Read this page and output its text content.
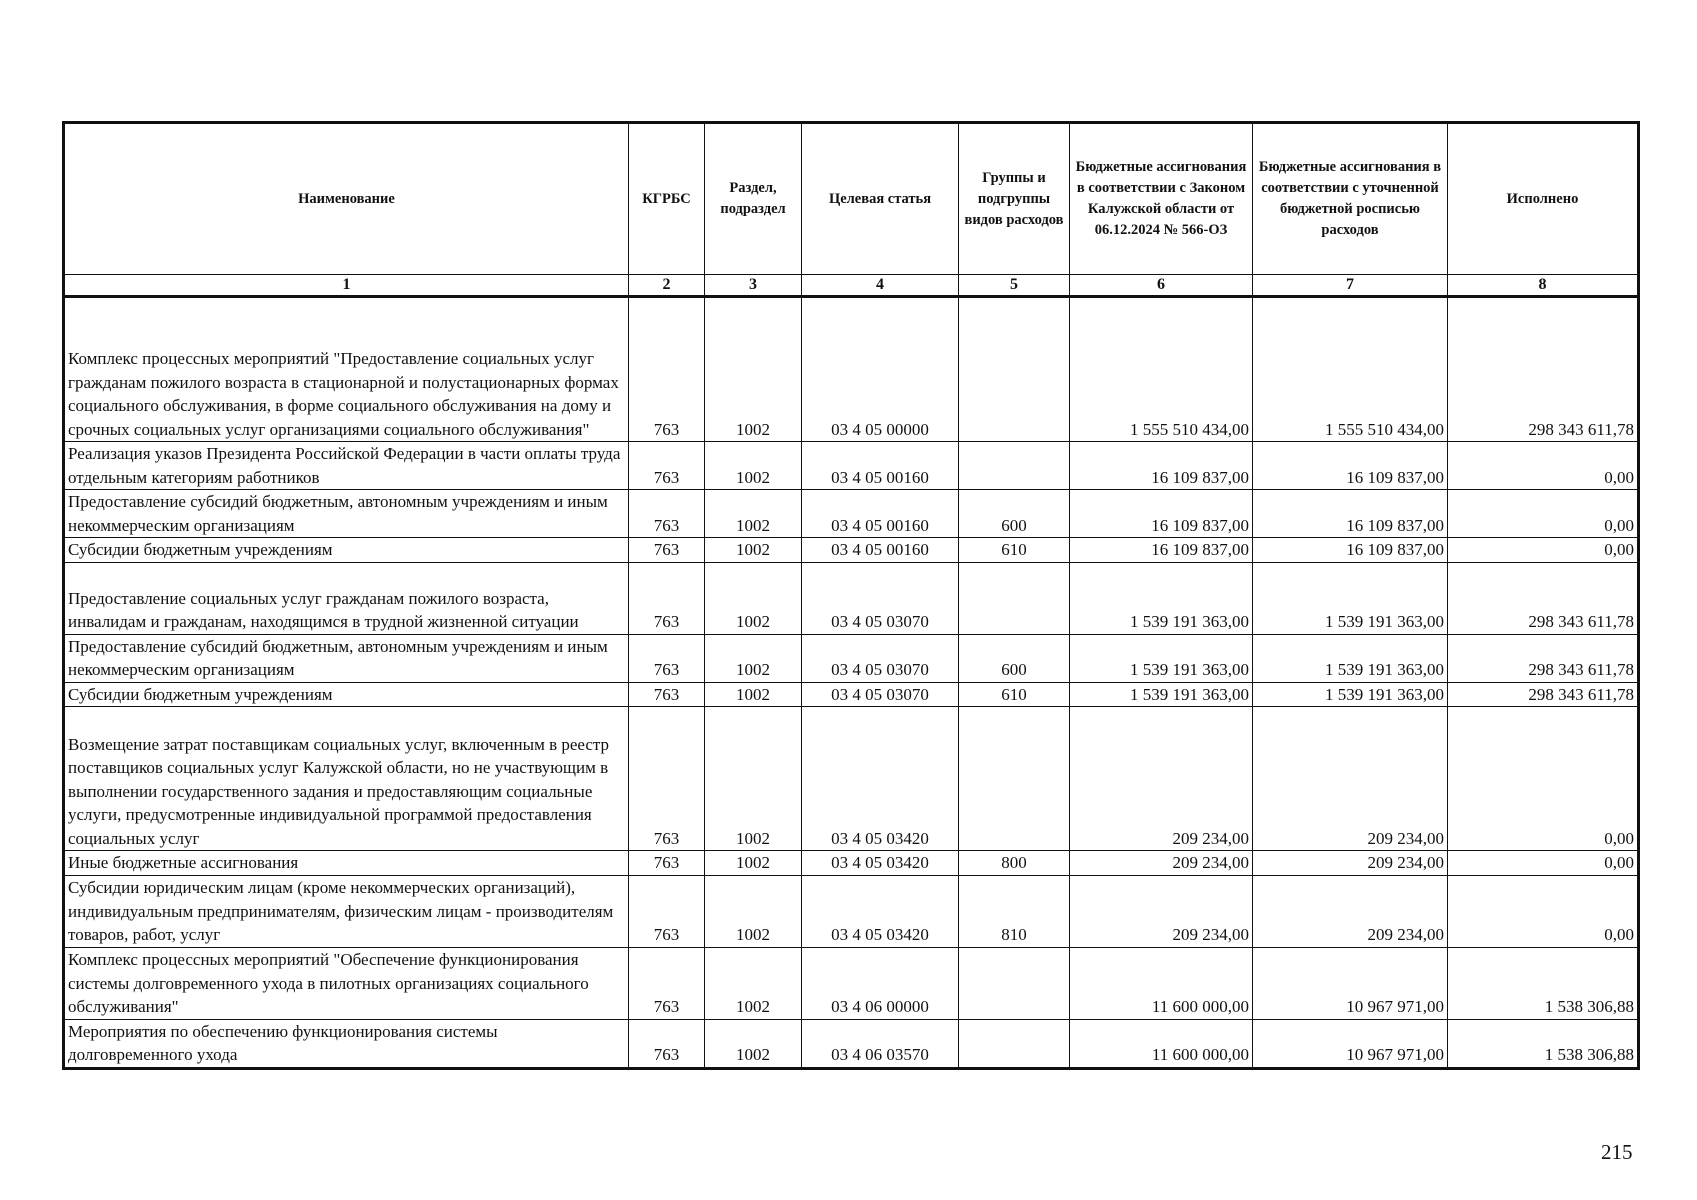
Наименование	КГРБС	Раздел, подраздел	Целевая статья	Группы и подгруппы видов расходов	Бюджетные ассигнования в соответствии с Законом Калужской области от 06.12.2024 № 566-ОЗ	Бюджетные ассигнования в соответствии с уточненной бюджетной росписью расходов	Исполнено
1	2	3	4	5	6	7	8
Комплекс процессных мероприятий "Предоставление социальных услуг гражданам пожилого возраста в стационарной и полустационарных формах социального обслуживания, в форме социального обслуживания на дому и срочных социальных услуг организациями социального обслуживания"	763	1002	03 4 05 00000		1 555 510 434,00	1 555 510 434,00	298 343 611,78
Реализация указов Президента Российской Федерации в части оплаты труда отдельным категориям работников	763	1002	03 4 05 00160		16 109 837,00	16 109 837,00	0,00
Предоставление субсидий бюджетным, автономным учреждениям и иным некоммерческим организациям	763	1002	03 4 05 00160	600	16 109 837,00	16 109 837,00	0,00
Субсидии бюджетным учреждениям	763	1002	03 4 05 00160	610	16 109 837,00	16 109 837,00	0,00
Предоставление социальных услуг гражданам пожилого возраста, инвалидам и гражданам, находящимся в трудной жизненной ситуации	763	1002	03 4 05 03070		1 539 191 363,00	1 539 191 363,00	298 343 611,78
Предоставление субсидий бюджетным, автономным учреждениям и иным некоммерческим организациям	763	1002	03 4 05 03070	600	1 539 191 363,00	1 539 191 363,00	298 343 611,78
Субсидии бюджетным учреждениям	763	1002	03 4 05 03070	610	1 539 191 363,00	1 539 191 363,00	298 343 611,78
Возмещение затрат поставщикам социальных услуг, включенным в реестр поставщиков социальных услуг Калужской области, но не участвующим в выполнении государственного задания и предоставляющим социальные услуги, предусмотренные индивидуальной программой предоставления социальных услуг	763	1002	03 4 05 03420		209 234,00	209 234,00	0,00
Иные бюджетные ассигнования	763	1002	03 4 05 03420	800	209 234,00	209 234,00	0,00
Субсидии юридическим лицам (кроме некоммерческих организаций), индивидуальным предпринимателям, физическим лицам - производителям товаров, работ, услуг	763	1002	03 4 05 03420	810	209 234,00	209 234,00	0,00
Комплекс процессных мероприятий "Обеспечение функционирования системы долговременного ухода в пилотных организациях социального обслуживания"	763	1002	03 4 06 00000		11 600 000,00	10 967 971,00	1 538 306,88
Мероприятия по обеспечению функционирования системы долговременного ухода	763	1002	03 4 06 03570		11 600 000,00	10 967 971,00	1 538 306,88
215
